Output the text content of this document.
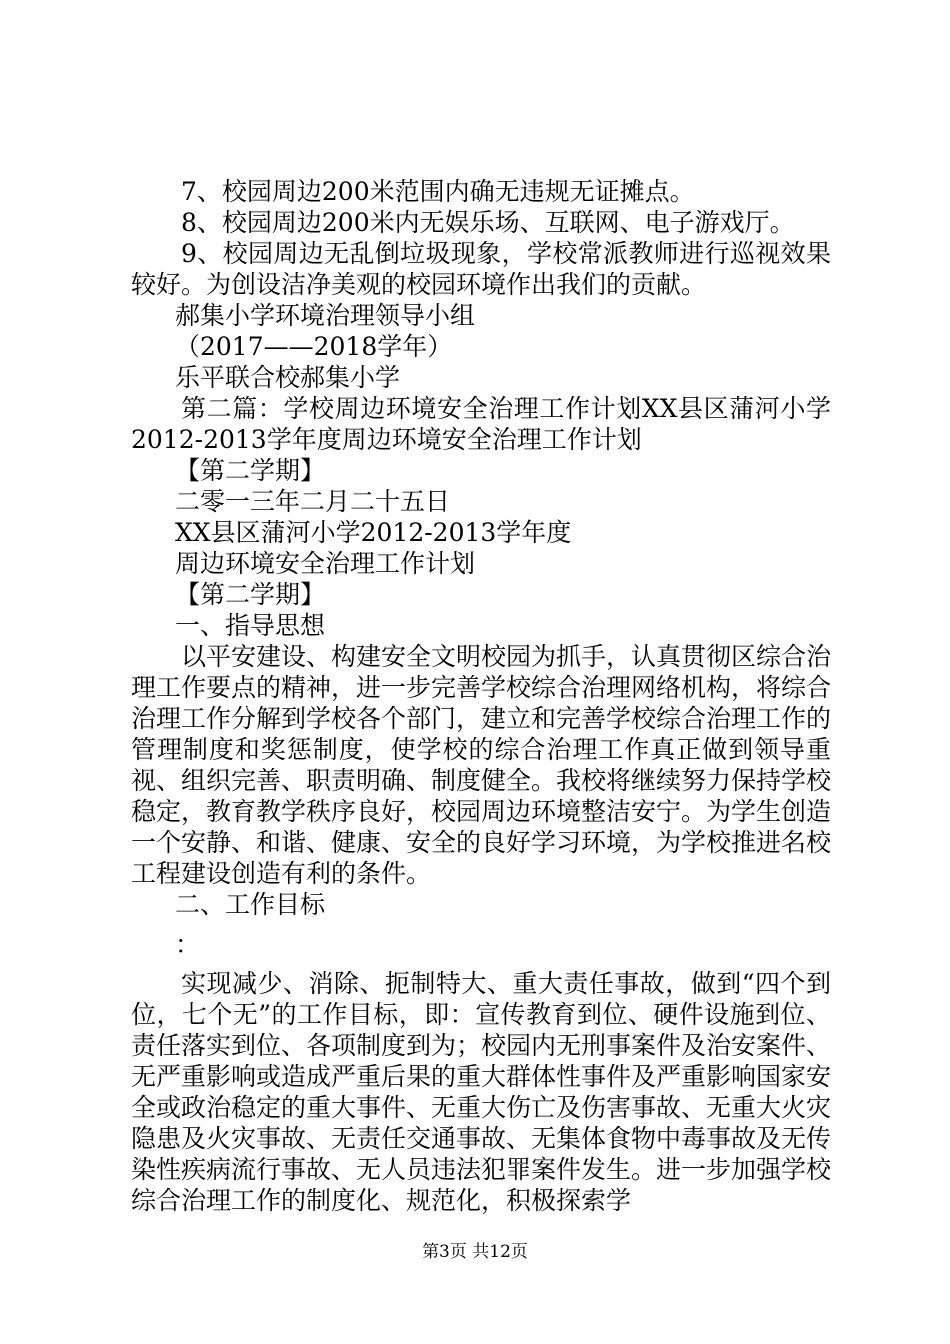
7、校园周边200米范围内确无违规无证摊点。

8、校园周边200米内无娱乐场、互联网、电子游戏厅。

9、校园周边无乱倒垃圾现象，学校常派教师进行巡视效果较好。为创设洁净美观的校园环境作出我们的贡献。

郝集小学环境治理领导小组

（2017——2018学年）

乐平联合校郝集小学

第二篇：学校周边环境安全治理工作计划XX县区蒲河小学2012-2013学年度周边环境安全治理工作计划

【第二学期】

二零一三年二月二十五日

XX县区蒲河小学2012-2013学年度

周边环境安全治理工作计划

【第二学期】

一、指导思想

以平安建设、构建安全文明校园为抓手，认真贯彻区综合治理工作要点的精神，进一步完善学校综合治理网络机构，将综合治理工作分解到学校各个部门，建立和完善学校综合治理工作的管理制度和奖惩制度，使学校的综合治理工作真正做到领导重视、组织完善、职责明确、制度健全。我校将继续努力保持学校稳定，教育教学秩序良好，校园周边环境整洁安宁。为学生创造一个安静、和谐、健康、安全的良好学习环境，为学校推进名校工程建设创造有利的条件。

二、工作目标

：

实现减少、消除、扼制特大、重大责任事故，做到“四个到位，七个无”的工作目标，即：宣传教育到位、硬件设施到位、责任落实到位、各项制度到为；校园内无刑事案件及治安案件、无严重影响或造成严重后果的重大群体性事件及严重影响国家安全或政治稳定的重大事件、无重大伤亡及伤害事故、无重大火灾隐患及火灾事故、无责任交通事故、无集体食物中毒事故及无传染性疾病流行事故、无人员违法犯罪案件发生。进一步加强学校综合治理工作的制度化、规范化，积极探索学

第3页 共12页
